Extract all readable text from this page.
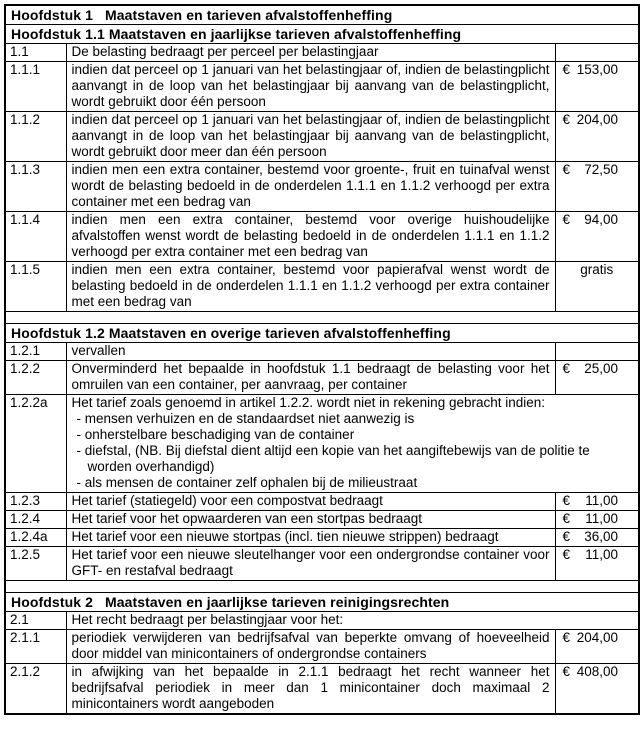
Hoofdstuk 1   Maatstaven en tarieven afvalstoffenheffing		
Hoofdstuk 1.1 Maatstaven en jaarlijkse tarieven afvalstoffenheffing		
1.1	De belasting bedraagt per perceel per belastingjaar	

1.1.1	indien dat perceel op 1 januari van het belastingjaar of, indien de belastingplicht aanvangt in de loop van het belastingjaar bij aanvang van de belastingplicht, wordt gebruikt door één persoon	€ 153,00

1.1.2	indien dat perceel op 1 januari van het belastingjaar of, indien de belastingplicht aanvangt in de loop van het belastingjaar bij aanvang van de belastingplicht, wordt gebruikt door meer dan één persoon	€ 204,00

1.1.3	indien men een extra container, bestemd voor groente-, fruit en tuinafval wenst wordt de belasting bedoeld in de onderdelen 1.1.1 en 1.1.2 verhoogd per extra container met een bedrag van	€ 72,50

1.1.4	indien men een extra container, bestemd voor overige huishoudelijke afvalstoffen wenst wordt de belasting bedoeld in de onderdelen 1.1.1 en 1.1.2 verhoogd per extra container met een bedrag van	€ 94,00

1.1.5	indien men een extra container, bestemd voor papierafval wenst wordt de belasting bedoeld in de onderdelen 1.1.1 en 1.1.2 verhoogd per extra container met een bedrag van	gratis

Hoofdstuk 1.2 Maatstaven en overige tarieven afvalstoffenheffing		
1.2.1	vervallen	

1.2.2	Onverminderd het bepaalde in hoofdstuk 1.1 bedraagt de belasting voor het omruilen van een container, per aanvraag, per container	€ 25,00

1.2.2a	Het tarief zoals genoemd in artikel 1.2.2. wordt niet in rekening gebracht indien:
- mensen verhuizen en de standaardset niet aanwezig is
- onherstelbare beschadiging van de container
- diefstal, (NB. Bij diefstal dient altijd een kopie van het aangiftebewijs van de politie te worden overhandigd)
- als mensen de container zelf ophalen bij de milieustraat	

1.2.3	Het tarief (statiegeld) voor een compostvat bedraagt	€ 11,00

1.2.4	Het tarief voor het opwaarderen van een stortpas bedraagt	€ 11,00

1.2.4a	Het tarief voor een nieuwe stortpas (incl. tien nieuwe strippen) bedraagt	€ 36,00

1.2.5	Het tarief voor een nieuwe sleutelhanger voor een ondergrondse container voor GFT- en restafval bedraagt	€ 11,00

Hoofdstuk 2   Maatstaven en jaarlijkse tarieven reinigingsrechten		
2.1	Het recht bedraagt per belastingjaar voor het:	
2.1.1	periodiek verwijderen van bedrijfsafval van beperkte omvang of hoeveelheid door middel van minicontainers of ondergrondse containers	€ 204,00

2.1.2	in afwijking van het bepaalde in 2.1.1 bedraagt het recht wanneer het bedrijfsafval periodiek in meer dan 1 minicontainer doch maximaal 2 minicontainers wordt aangeboden	€ 408,00
